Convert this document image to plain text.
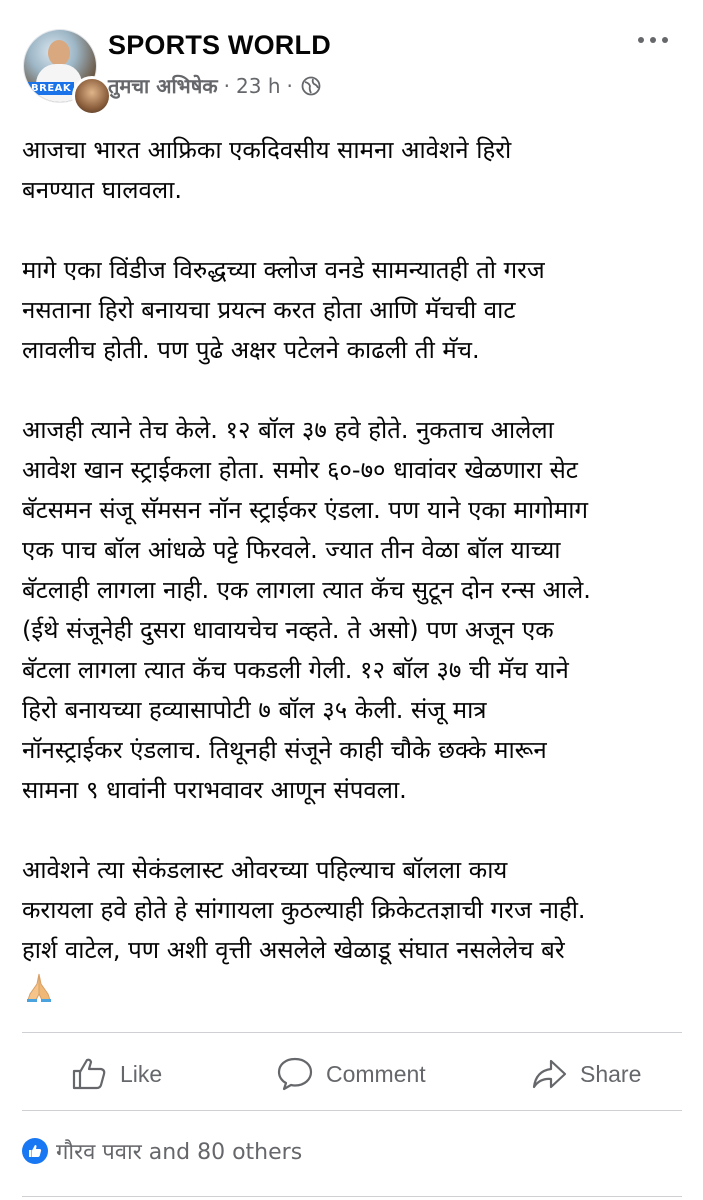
BREAK
SPORTS WORLD
तुमचा अभिषेक · 23 h ·

आजचा भारत आफ्रिका एकदिवसीय सामना आवेशने हिरो
बनण्यात घालवला.

मागे एका विंडीज विरुद्धच्या क्लोज वनडे सामन्यातही तो गरज
नसताना हिरो बनायचा प्रयत्न करत होता आणि मॅचची वाट
लावलीच होती. पण पुढे अक्षर पटेलने काढली ती मॅच.

आजही त्याने तेच केले. १२ बॉल ३७ हवे होते. नुकताच आलेला
आवेश खान स्ट्राईकला होता. समोर ६०-७० धावांवर खेळणारा सेट
बॅटसमन संजू सॅमसन नॉन स्ट्राईकर एंडला. पण याने एका मागोमाग
एक पाच बॉल आंधळे पट्टे फिरवले. ज्यात तीन वेळा बॉल याच्या
बॅटलाही लागला नाही. एक लागला त्यात कॅच सुटून दोन रन्स आले.
(ईथे संजूनेही दुसरा धावायचेच नव्हते. ते असो) पण अजून एक
बॅटला लागला त्यात कॅच पकडली गेली. १२ बॉल ३७ ची मॅच याने
हिरो बनायच्या हव्यासापोटी ७ बॉल ३५ केली. संजू मात्र
नॉनस्ट्राईकर एंडलाच. तिथूनही संजूने काही चौके छक्के मारून
सामना ९ धावांनी पराभवावर आणून संपवला.

आवेशने त्या सेकंडलास्ट ओवरच्या पहिल्याच बॉलला काय
करायला हवे होते हे सांगायला कुठल्याही क्रिकेटतज्ञाची गरज नाही.
हार्श वाटेल, पण अशी वृत्ती असलेले खेळाडू संघात नसलेलेच बरे

Like	Comment	Share
गौरव पवार and 80 others
